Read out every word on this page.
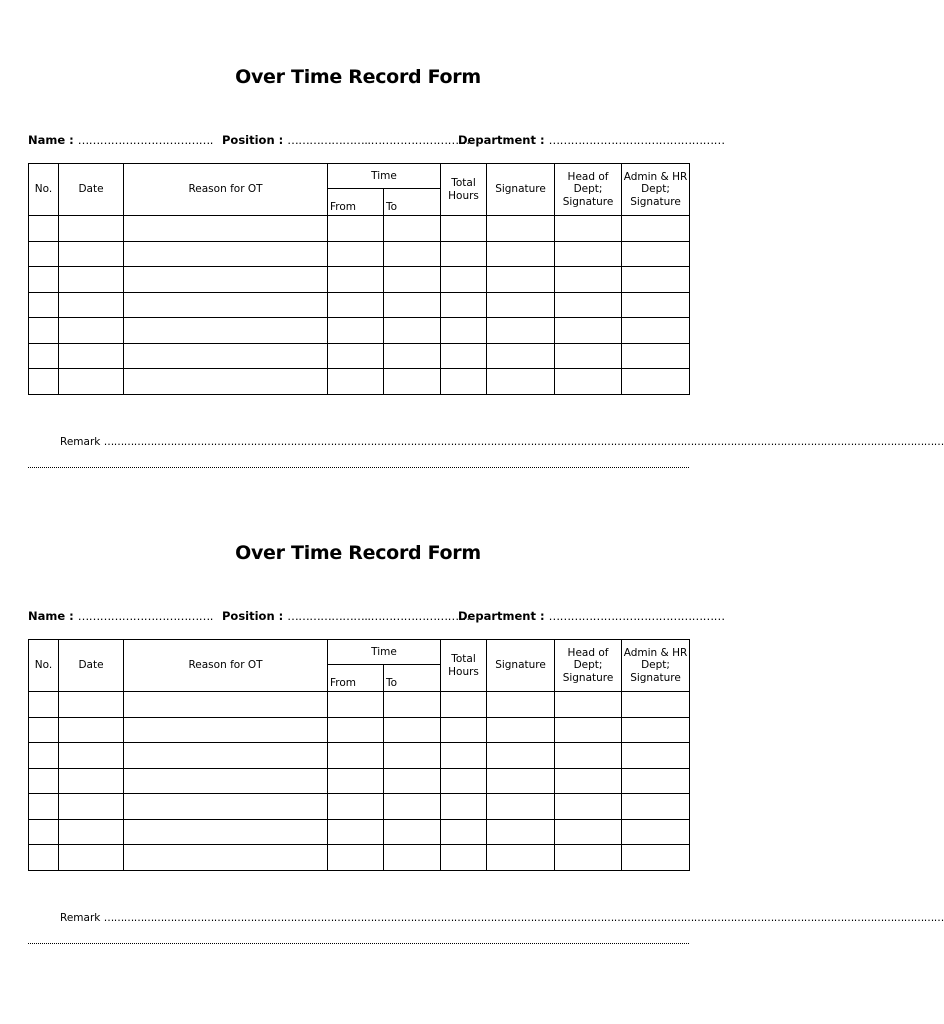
Over Time Record Form
Name : ………………………………. Position : …………………..……………………….
Department : …………………………………………
No.	Date	Reason for OT	Time		Total Hours	Signature	Head of Dept; Signature	Admin & HR Dept; Signature
			From	To				

Remark ………………………………………………………………………………………………………………………………………………………………………………………………………………………………
Over Time Record Form
Name : ………………………………. Position : …………………..……………………….
Department : …………………………………………
No.	Date	Reason for OT	Time		Total Hours	Signature	Head of Dept; Signature	Admin & HR Dept; Signature
			From	To				

Remark ………………………………………………………………………………………………………………………………………………………………………………………………………………………………
